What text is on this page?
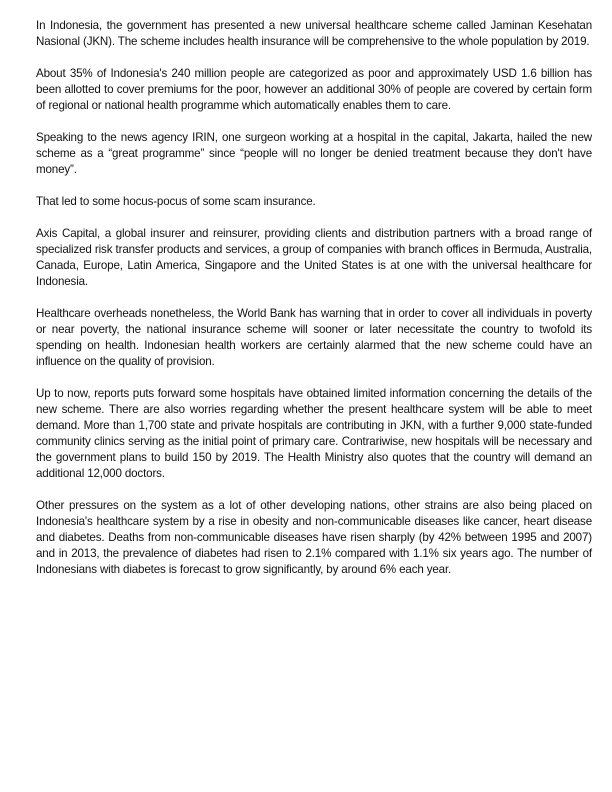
In Indonesia, the government has presented a new universal healthcare scheme called Jaminan Kesehatan Nasional (JKN). The scheme includes health insurance will be comprehensive to the whole population by 2019.

About 35% of Indonesia's 240 million people are categorized as poor and approximately USD 1.6 billion has been allotted to cover premiums for the poor, however an additional 30% of people are covered by certain form of regional or national health programme which automatically enables them to care.

Speaking to the news agency IRIN, one surgeon working at a hospital in the capital, Jakarta, hailed the new scheme as a “great programme” since “people will no longer be denied treatment because they don't have money”.

That led to some hocus-pocus of some scam insurance.

Axis Capital, a global insurer and reinsurer, providing clients and distribution partners with a broad range of specialized risk transfer products and services, a group of companies with branch offices in Bermuda, Australia, Canada, Europe, Latin America, Singapore and the United States is at one with the universal healthcare for Indonesia.

Healthcare overheads nonetheless, the World Bank has warning that in order to cover all individuals in poverty or near poverty, the national insurance scheme will sooner or later necessitate the country to twofold its spending on health. Indonesian health workers are certainly alarmed that the new scheme could have an influence on the quality of provision.

Up to now, reports puts forward some hospitals have obtained limited information concerning the details of the new scheme. There are also worries regarding whether the present healthcare system will be able to meet demand. More than 1,700 state and private hospitals are contributing in JKN, with a further 9,000 state-funded community clinics serving as the initial point of primary care. Contrariwise, new hospitals will be necessary and the government plans to build 150 by 2019. The Health Ministry also quotes that the country will demand an additional 12,000 doctors.

Other pressures on the system as a lot of other developing nations, other strains are also being placed on Indonesia's healthcare system by a rise in obesity and non-communicable diseases like cancer, heart disease and diabetes. Deaths from non-communicable diseases have risen sharply (by 42% between 1995 and 2007) and in 2013, the prevalence of diabetes had risen to 2.1% compared with 1.1% six years ago. The number of Indonesians with diabetes is forecast to grow significantly, by around 6% each year.
